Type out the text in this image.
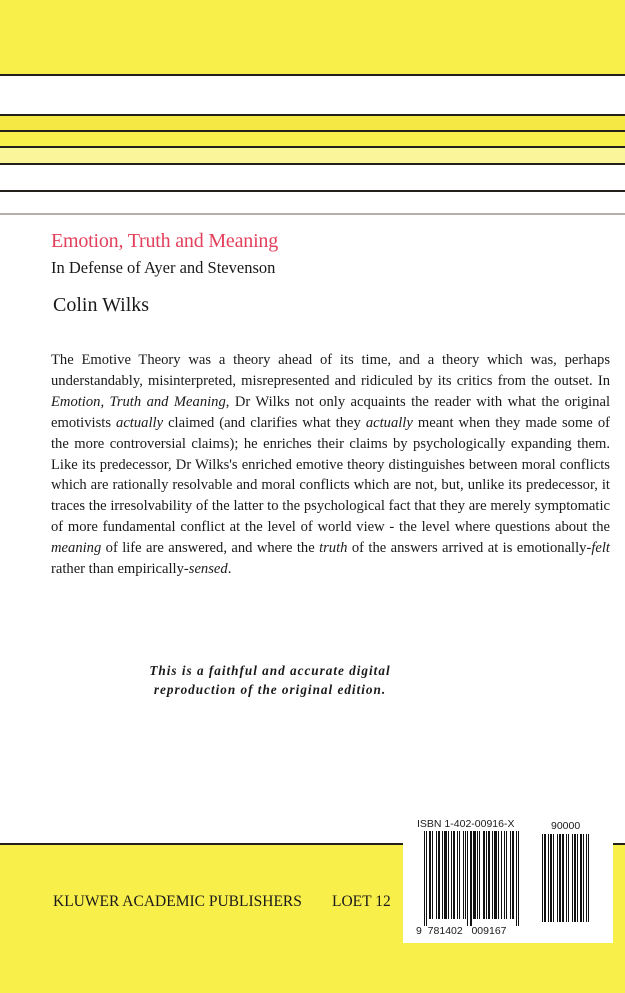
Emotion, Truth and Meaning
In Defense of Ayer and Stevenson
Colin Wilks

The Emotive Theory was a theory ahead of its time, and a theory which was, perhaps understandably, misinterpreted, misrepresented and ridiculed by its critics from the outset. In Emotion, Truth and Meaning, Dr Wilks not only acquaints the reader with what the original emotivists actually claimed (and clarifies what they actually meant when they made some of the more controversial claims); he enriches their claims by psychologically expanding them. Like its predecessor, Dr Wilks's enriched emotive theory distinguishes between moral conflicts which are rationally resolvable and moral conflicts which are not, but, unlike its predecessor, it traces the irresolvability of the latter to the psychological fact that they are merely symptomatic of more fundamental conflict at the level of world view - the level where questions about the meaning of life are answered, and where the truth of the answers arrived at is emotionally-felt rather than empirically-sensed.

This is a faithful and accurate digital
reproduction of the original edition.
KLUWER ACADEMIC PUBLISHERS LOET 12
ISBN 1-402-00916-X	90000
9  781402   009167
